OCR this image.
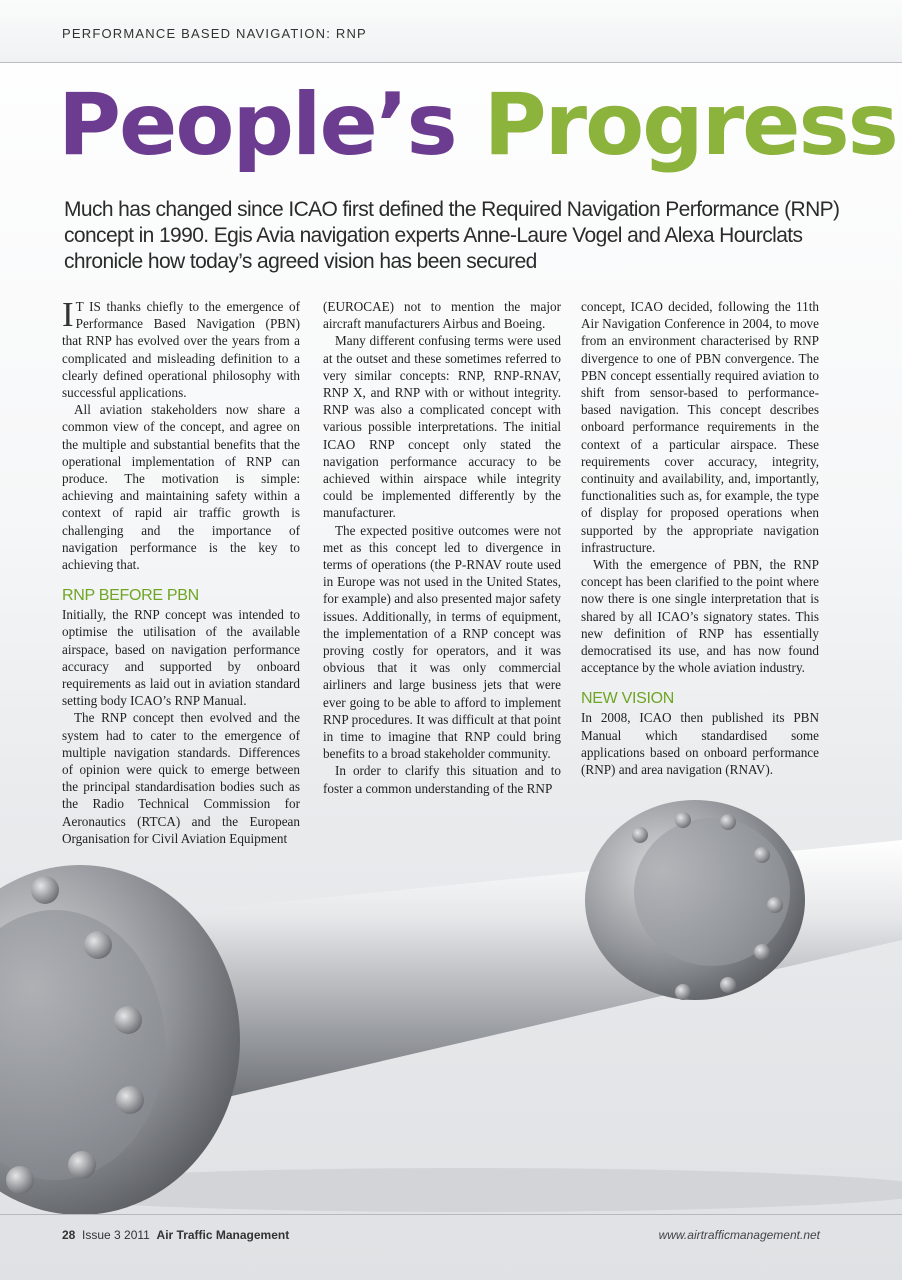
PERFORMANCE BASED NAVIGATION: RNP
People’s Progress

Much has changed since ICAO first defined the Required Navigation Performance (RNP) concept in 1990. Egis Avia navigation experts Anne-Laure Vogel and Alexa Hourclats chronicle how today’s agreed vision has been secured

I T IS thanks chiefly to the emergence of Performance Based Navigation (PBN) that RNP has evolved over the years from a complicated and misleading definition to a clearly defined operational philosophy with successful applications.

All aviation stakeholders now share a common view of the concept, and agree on the multiple and substantial benefits that the operational implementation of RNP can produce. The motivation is simple: achieving and maintaining safety within a context of rapid air traffic growth is challenging and the importance of navigation performance is the key to achieving that.

RNP BEFORE PBN

Initially, the RNP concept was intended to optimise the utilisation of the available airspace, based on navigation performance accuracy and supported by onboard requirements as laid out in aviation standard setting body ICAO’s RNP Manual.

The RNP concept then evolved and the system had to cater to the emergence of multiple navigation standards. Differences of opinion were quick to emerge between the principal standardisation bodies such as the Radio Technical Commission for Aeronautics (RTCA) and the European Organisation for Civil Aviation Equipment

(EUROCAE) not to mention the major aircraft manufacturers Airbus and Boeing.

Many different confusing terms were used at the outset and these sometimes referred to very similar concepts: RNP, RNP-RNAV, RNP X, and RNP with or without integrity. RNP was also a complicated concept with various possible interpretations. The initial ICAO RNP concept only stated the navigation performance accuracy to be achieved within airspace while integrity could be implemented differently by the manufacturer.

The expected positive outcomes were not met as this concept led to divergence in terms of operations (the P-RNAV route used in Europe was not used in the United States, for example) and also presented major safety issues. Additionally, in terms of equipment, the implementation of a RNP concept was proving costly for operators, and it was obvious that it was only commercial airliners and large business jets that were ever going to be able to afford to implement RNP procedures. It was difficult at that point in time to imagine that RNP could bring benefits to a broad stakeholder community.

In order to clarify this situation and to foster a common understanding of the RNP

concept, ICAO decided, following the 11th Air Navigation Conference in 2004, to move from an environment characterised by RNP divergence to one of PBN convergence. The PBN concept essentially required aviation to shift from sensor-based to performance-based navigation. This concept describes onboard performance requirements in the context of a particular airspace. These requirements cover accuracy, integrity, continuity and availability, and, importantly, functionalities such as, for example, the type of display for proposed operations when supported by the appropriate navigation infrastructure.

With the emergence of PBN, the RNP concept has been clarified to the point where now there is one single interpretation that is shared by all ICAO’s signatory states. This new definition of RNP has essentially democratised its use, and has now found acceptance by the whole aviation industry.

NEW VISION

In 2008, ICAO then published its PBN Manual which standardised some applications based on onboard performance (RNP) and area navigation (RNAV).

28 Issue 3 2011 Air Traffic Management	www.airtrafficmanagement.net
